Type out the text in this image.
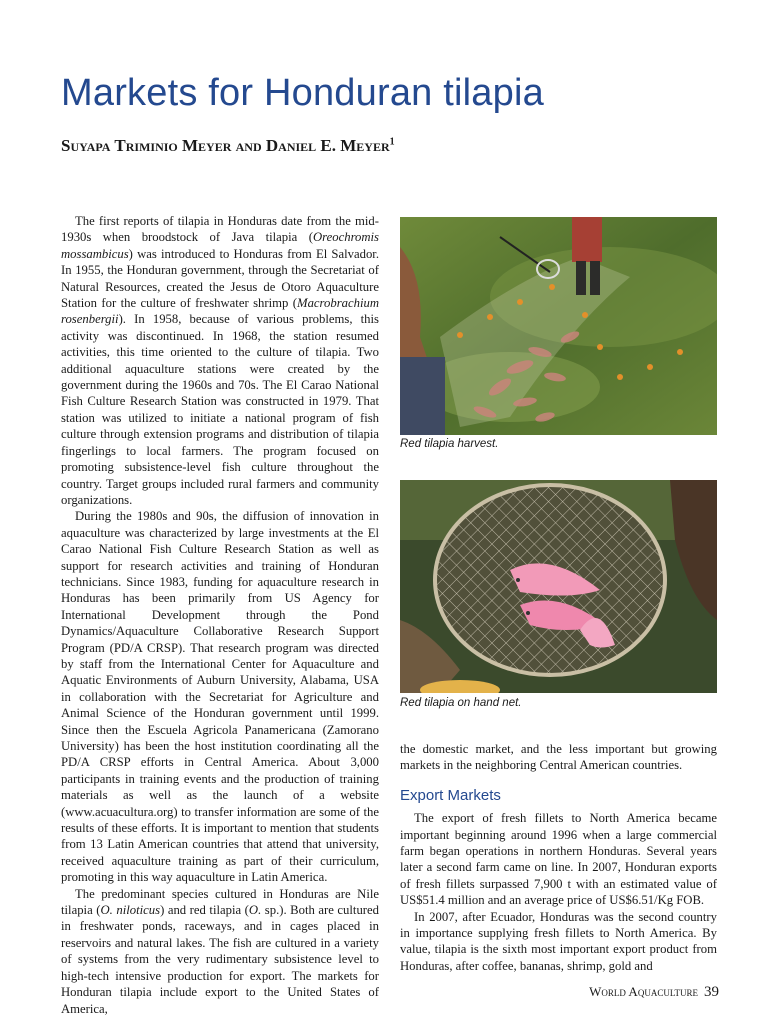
Markets for Honduran tilapia
Suyapa Triminio Meyer and Daniel E. Meyer$^1$

The first reports of tilapia in Honduras date from the mid-1930s when broodstock of Java tilapia (Oreochromis mossambicus) was introduced to Honduras from El Salvador. In 1955, the Honduran government, through the Secretariat of Natural Resources, created the Jesus de Otoro Aquaculture Station for the culture of freshwater shrimp (Macrobrachium rosenbergii). In 1958, because of various problems, this activity was discontinued. In 1968, the station resumed activities, this time oriented to the culture of tilapia. Two additional aquaculture stations were created by the government during the 1960s and 70s. The El Carao National Fish Culture Research Station was constructed in 1979. That station was utilized to initiate a national program of fish culture through extension programs and distribution of tilapia fingerlings to local farmers. The program focused on promoting subsistence-level fish culture throughout the country. Target groups included rural farmers and community organizations.

During the 1980s and 90s, the diffusion of innovation in aquaculture was characterized by large investments at the El Carao National Fish Culture Research Station as well as support for research activities and training of Honduran technicians. Since 1983, funding for aquaculture research in Honduras has been primarily from US Agency for International Development through the Pond Dynamics/Aquaculture Collaborative Research Support Program (PD/A CRSP). That research program was directed by staff from the International Center for Aquaculture and Aquatic Environments of Auburn University, Alabama, USA in collaboration with the Secretariat for Agriculture and Animal Science of the Honduran government until 1999. Since then the Escuela Agricola Panamericana (Zamorano University) has been the host institution coordinating all the PD/A CRSP efforts in Central America. About 3,000 participants in training events and the production of training materials as well as the launch of a website (www.acuacultura.org) to transfer information are some of the results of these efforts. It is important to mention that students from 13 Latin American countries that attend that university, received aquaculture training as part of their curriculum, promoting in this way aquaculture in Latin America.

The predominant species cultured in Honduras are Nile tilapia (O. niloticus) and red tilapia (O. sp.). Both are cultured in freshwater ponds, raceways, and in cages placed in reservoirs and natural lakes. The fish are cultured in a variety of systems from the very rudimentary subsistence level to high-tech intensive production for export. The markets for Honduran tilapia include export to the United States of America,

Red tilapia harvest.
Red tilapia on hand net.

the domestic market, and the less important but growing markets in the neighboring Central American countries.

Export Markets

The export of fresh fillets to North America became important beginning around 1996 when a large commercial farm began operations in northern Honduras. Several years later a second farm came on line. In 2007, Honduran exports of fresh fillets surpassed 7,900 t with an estimated value of US$51.4 million and an average price of US$6.51/Kg FOB.

In 2007, after Ecuador, Honduras was the second country in importance supplying fresh fillets to North America. By value, tilapia is the sixth most important export product from Honduras, after coffee, bananas, shrimp, gold and

World Aquaculture 39
